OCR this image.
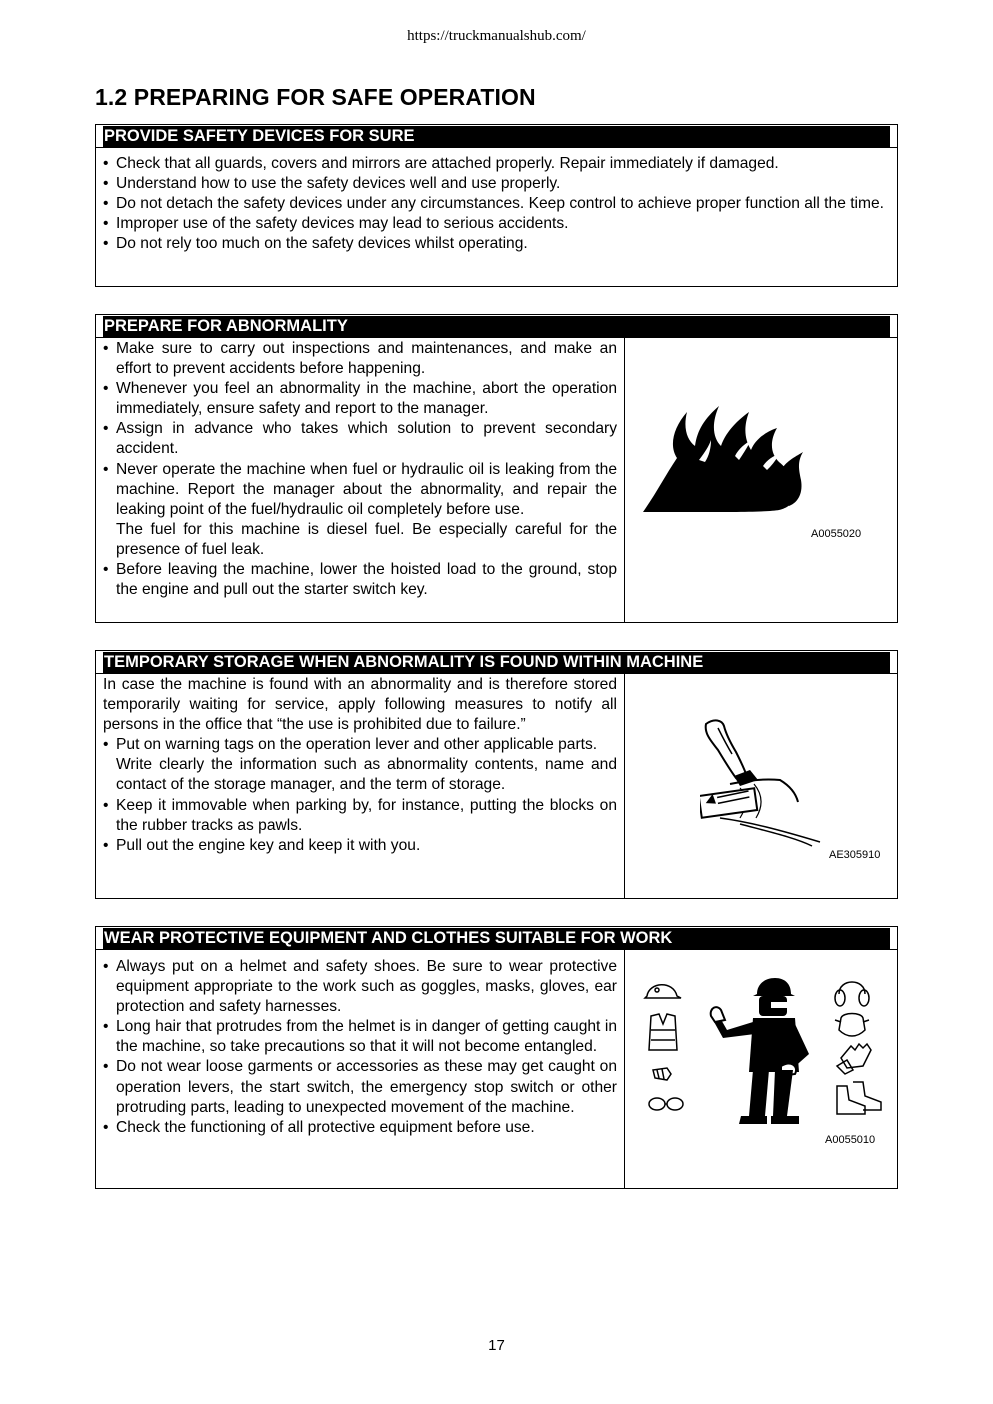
https://truckmanualshub.com/
1.2 PREPARING FOR SAFE OPERATION
PROVIDE SAFETY DEVICES FOR SURE
• Check that all guards, covers and mirrors are attached properly. Repair immediately if damaged.
• Understand how to use the safety devices well and use properly.
• Do not detach the safety devices under any circumstances. Keep control to achieve proper function all the time.
• Improper use of the safety devices may lead to serious accidents.
• Do not rely too much on the safety devices whilst operating.
PREPARE FOR ABNORMALITY
• Make sure to carry out inspections and maintenances, and make an effort to prevent accidents before happening.
• Whenever you feel an abnormality in the machine, abort the operation immediately, ensure safety and report to the manager.
• Assign in advance who takes which solution to prevent secondary accident.
• Never operate the machine when fuel or hydraulic oil is leaking from the machine. Report the manager about the abnormality, and repair the leaking point of the fuel/hydraulic oil completely before use.
The fuel for this machine is diesel fuel. Be especially careful for the presence of fuel leak.
• Before leaving the machine, lower the hoisted load to the ground, stop the engine and pull out the starter switch key.
A0055020
TEMPORARY STORAGE WHEN ABNORMALITY IS FOUND WITHIN MACHINE
In case the machine is found with an abnormality and is therefore stored temporarily waiting for service, apply following measures to notify all persons in the office that “the use is prohibited due to failure.”
• Put on warning tags on the operation lever and other applicable parts.
Write clearly the information such as abnormality contents, name and contact of the storage manager, and the term of storage.
• Keep it immovable when parking by, for instance, putting the blocks on the rubber tracks as pawls.
• Pull out the engine key and keep it with you.
AE305910
WEAR PROTECTIVE EQUIPMENT AND CLOTHES SUITABLE FOR WORK
• Always put on a helmet and safety shoes. Be sure to wear protective equipment appropriate to the work such as goggles, masks, gloves, ear protection and safety harnesses.
• Long hair that protrudes from the helmet is in danger of getting caught in the machine, so take precautions so that it will not become entangled.
• Do not wear loose garments or accessories as these may get caught on operation levers, the start switch, the emergency stop switch or other protruding parts, leading to unexpected movement of the machine.
• Check the functioning of all protective equipment before use.
A0055010
17
